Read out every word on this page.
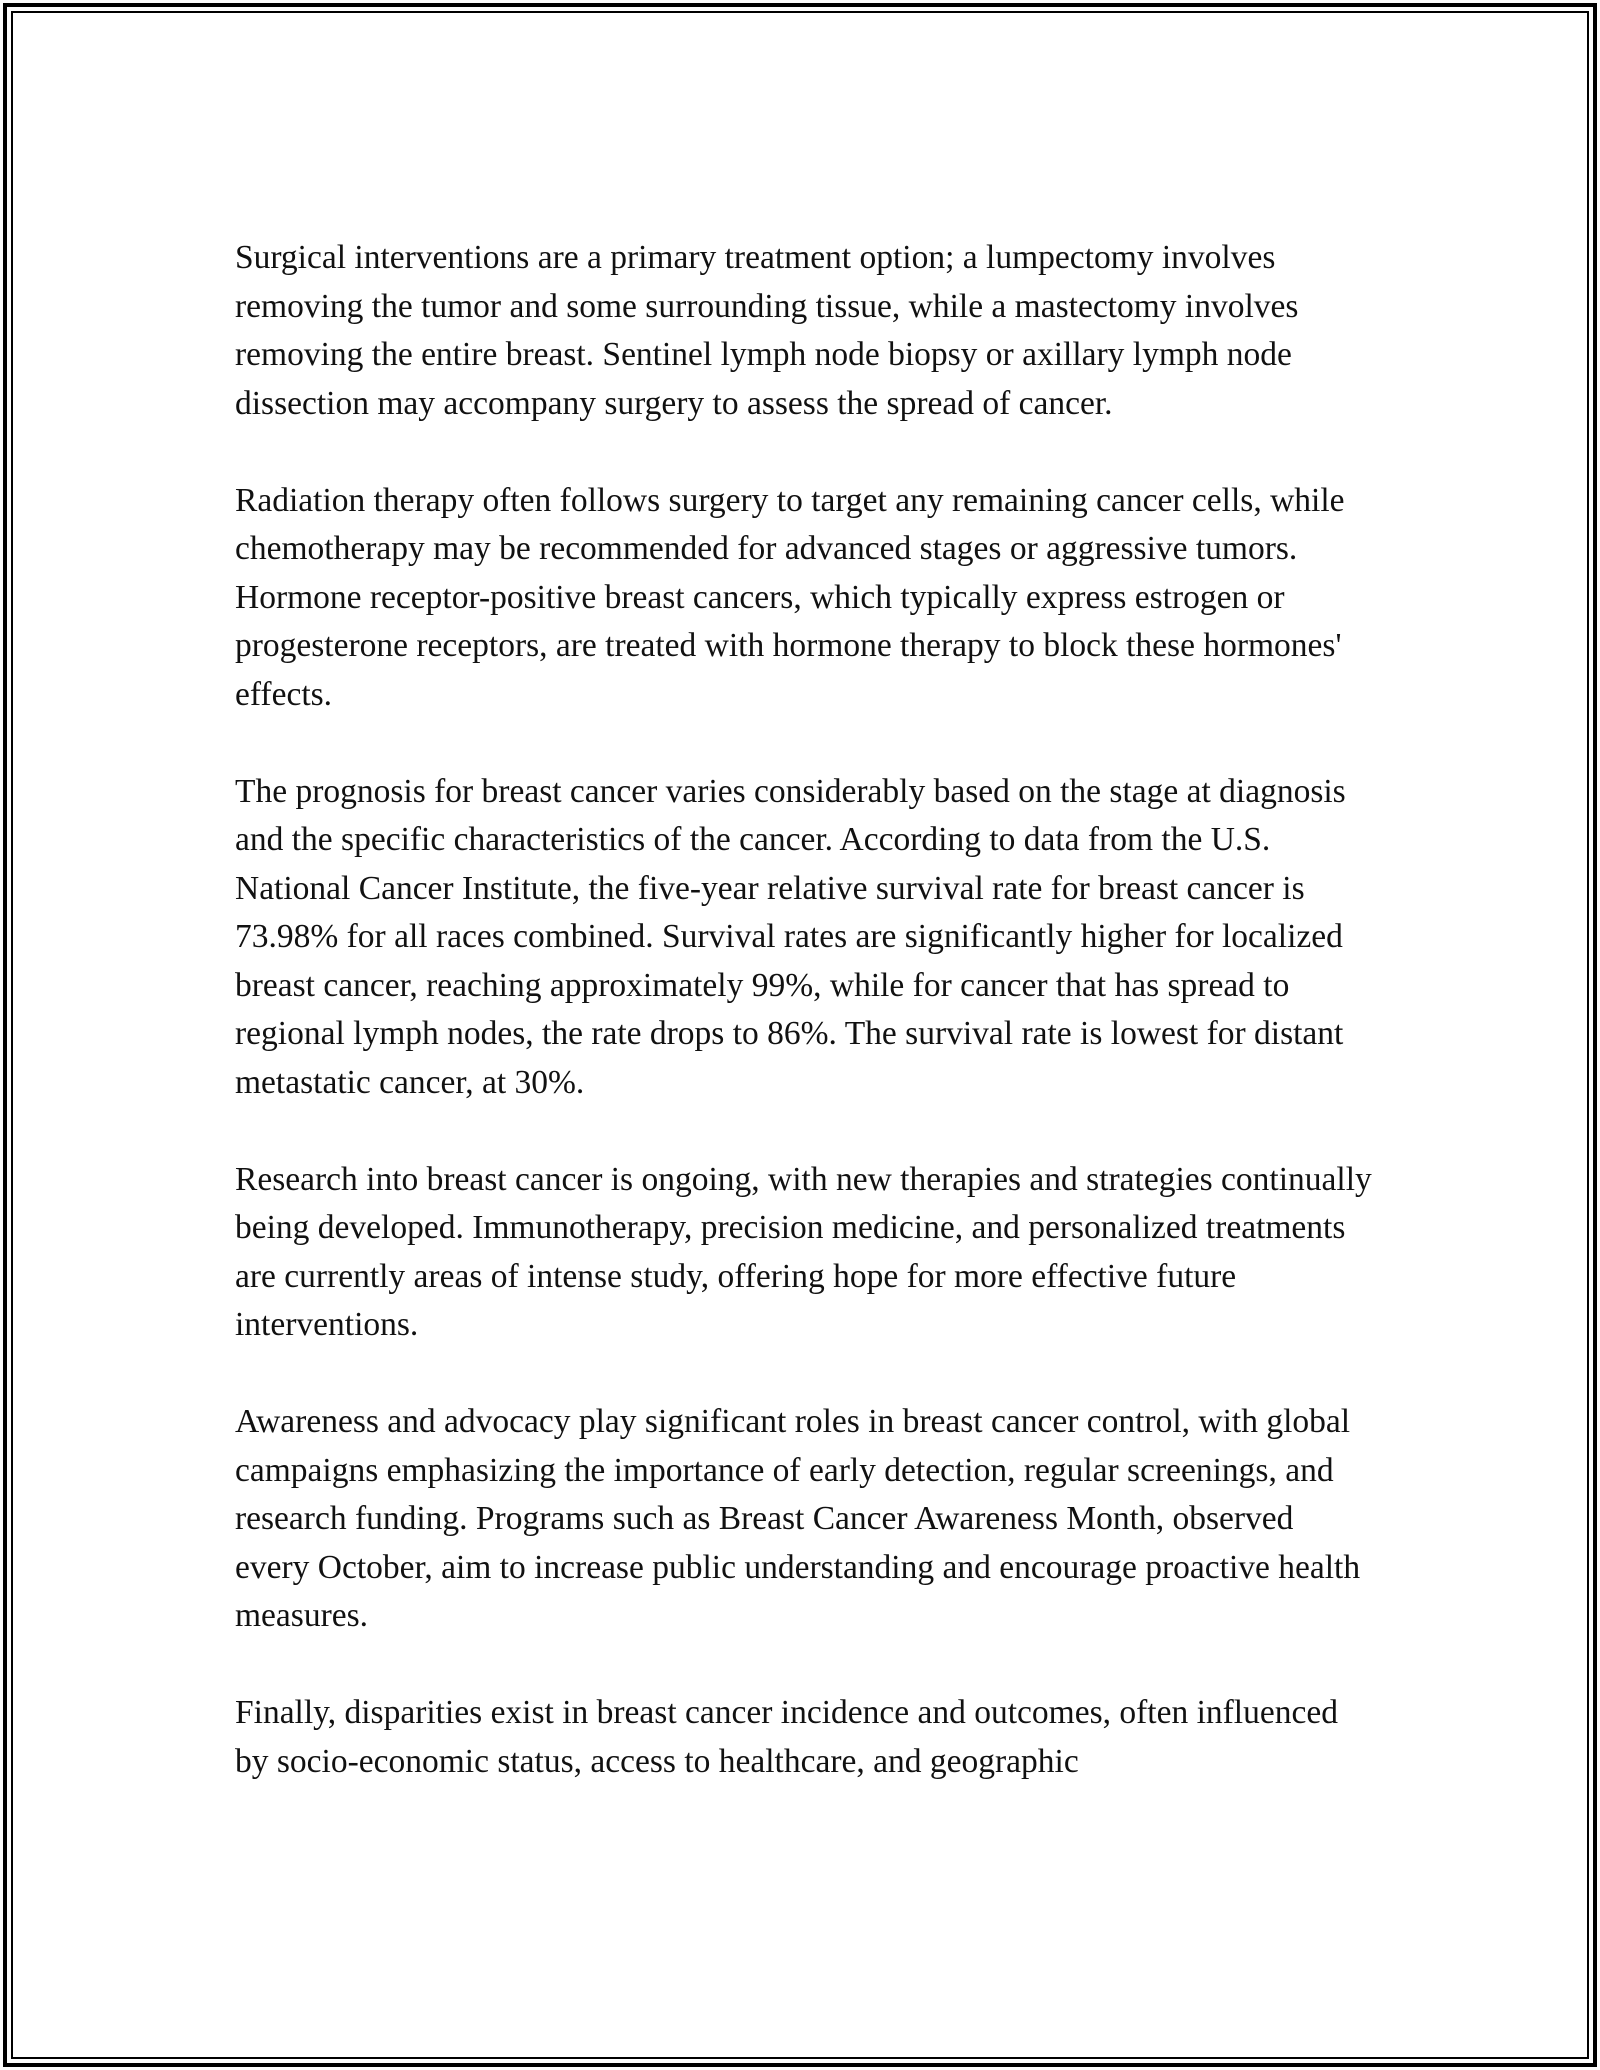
Surgical interventions are a primary treatment option; a lumpectomy involves removing the tumor and some surrounding tissue, while a mastectomy involves removing the entire breast. Sentinel lymph node biopsy or axillary lymph node dissection may accompany surgery to assess the spread of cancer.

Radiation therapy often follows surgery to target any remaining cancer cells, while chemotherapy may be recommended for advanced stages or aggressive tumors. Hormone receptor-positive breast cancers, which typically express estrogen or progesterone receptors, are treated with hormone therapy to block these hormones' effects.

The prognosis for breast cancer varies considerably based on the stage at diagnosis and the specific characteristics of the cancer. According to data from the U.S. National Cancer Institute, the five-year relative survival rate for breast cancer is 73.98% for all races combined. Survival rates are significantly higher for localized breast cancer, reaching approximately 99%, while for cancer that has spread to regional lymph nodes, the rate drops to 86%. The survival rate is lowest for distant metastatic cancer, at 30%.

Research into breast cancer is ongoing, with new therapies and strategies continually being developed. Immunotherapy, precision medicine, and personalized treatments are currently areas of intense study, offering hope for more effective future interventions.

Awareness and advocacy play significant roles in breast cancer control, with global campaigns emphasizing the importance of early detection, regular screenings, and research funding. Programs such as Breast Cancer Awareness Month, observed every October, aim to increase public understanding and encourage proactive health measures.

Finally, disparities exist in breast cancer incidence and outcomes, often influenced by socio-economic status, access to healthcare, and geographic
